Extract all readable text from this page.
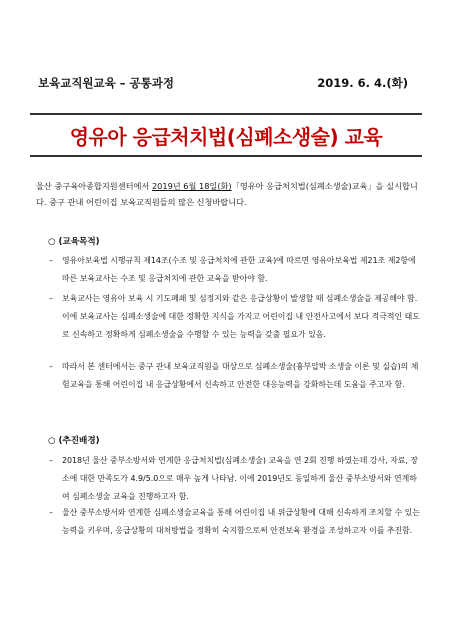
보육교직원교육 – 공통과정	2019. 6. 4.(화)
영유아 응급처치법(심폐소생술) 교육
울산 중구육아종합지원센터에서 2019년 6월 18일(화)「영유아 응급처치법(심폐소생술)교육」을 실시합니다. 중구 관내 어린이집 보육교직원들의 많은 신청바랍니다.
○ (교육목적)
– 영유아보육법 시행규칙 제14조(수조 및 응급처치에 관한 교육)에 따르면 영유아보육법 제21조 제2항에 따른 보육교사는 수조 및 응급처치에 관한 교육을 받아야 함.

– 보육교사는 영유아 보육 시 기도폐쇄 및 심정지와 같은 응급상황이 발생할 때 심폐소생술을 제공해야 함. 이에 보육교사는 심폐소생술에 대한 정확한 지식을 가지고 어린이집 내 안전사고에서 보다 적극적인 태도로 신속하고 정확하게 심폐소생술을 수행할 수 있는 능력을 갖출 필요가 있음.

– 따라서 본 센터에서는 중구 관내 보육교직원을 대상으로 심폐소생술(흉부압박 소생술 이론 및 실습)의 체험교육을 통해 어린이집 내 응급상황에서 신속하고 안전한 대응능력을 강화하는데 도움을 주고자 함.

○ (추진배경)
– 2018년 울산 중부소방서와 연계한 응급처치법(심폐소생술) 교육을 연 2회 진행 하였는데 강사, 자료, 장소에 대한 만족도가 4.9/5.0으로 매우 높게 나타남. 이에 2019년도 동일하게 울산 중부소방서와 연계하여 심폐소생술 교육을 진행하고자 함.

– 울산 중부소방서와 연계한 심폐소생술교육을 통해 어린이집 내 위급상황에 대해 신속하게 조치할 수 있는 능력을 키우며, 응급상황의 대처방법을 정확히 숙지함으로써 안전보육 환경을 조성하고자 이를 추진함.
